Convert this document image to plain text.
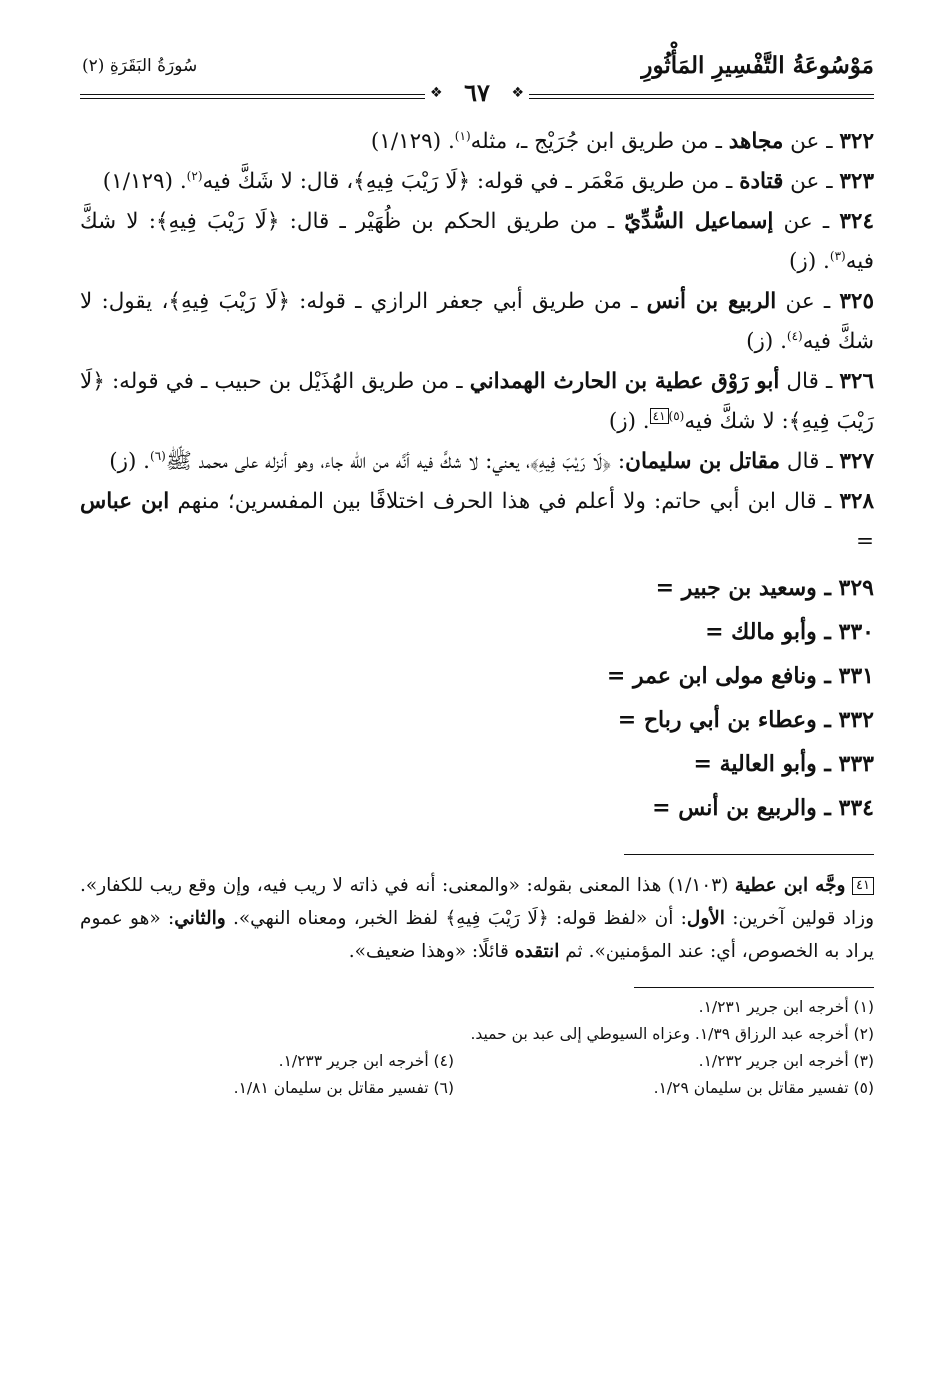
مَوْسُوعَةُ التَّفْسِيرِ المَأْثُورِ
سُورَةُ البَقَرَةِ (٢)
❖
❖ ٦٧

٣٢٢ ـ عن مجاهد ـ من طريق ابن جُرَيْج ـ، مثله$^{(١)}$. (١/١٢٩)

٣٢٣ ـ عن قتادة ـ من طريق مَعْمَر ـ في قوله: ﴿لَا رَيْبَ فِيهِ﴾، قال: لا شَكَّ فيه$^{(٢)}$. (١/١٢٩)

٣٢٤ ـ عن إسماعيل السُّدِّيّ ـ من طريق الحكم بن ظُهَيْر ـ قال: ﴿لَا رَيْبَ فِيهِ﴾: لا شكَّ فيه$^{(٣)}$. (ز)

٣٢٥ ـ عن الربيع بن أنس ـ من طريق أبي جعفر الرازي ـ قوله: ﴿لَا رَيْبَ فِيهِ﴾، يقول: لا شكَّ فيه$^{(٤)}$. (ز)

٣٢٦ ـ قال أبو رَوْق عطية بن الحارث الهمداني ـ من طريق الهُذَيْل بن حبيب ـ في قوله: ﴿لَا رَيْبَ فِيهِ﴾: لا شكَّ فيه$^{(٥)}$٤١. (ز)

٣٢٧ ـ قال مقاتل بن سليمان: ﴿لَا رَيْبَ فِيهِ﴾، يعني: لا شكَّ فيه أنَّه من الله جاء، وهو أنزله على محمد ﷺ$^{(٦)}$. (ز)

٣٢٨ ـ قال ابن أبي حاتم: ولا أعلم في هذا الحرف اختلافًا بين المفسرين؛ منهم ابن عباس =

٣٢٩ ـ وسعيد بن جبير =
٣٣٠ ـ وأبو مالك =
٣٣١ ـ ونافع مولى ابن عمر =
٣٣٢ ـ وعطاء بن أبي رباح =
٣٣٣ ـ وأبو العالية =
٣٣٤ ـ والربيع بن أنس =

٤١ وجَّه ابن عطية (١/١٠٣) هذا المعنى بقوله: «والمعنى: أنه في ذاته لا ريب فيه، وإن وقع ريب للكفار». وزاد قولين آخرين: الأول: أن «لفظ قوله: ﴿لَا رَيْبَ فِيهِ﴾ لفظ الخبر، ومعناه النهي». والثاني: «هو عموم يراد به الخصوص، أي: عند المؤمنين». ثم انتقده قائلًا: «وهذا ضعيف».

(١) أخرجه ابن جرير ١/٢٣١.
(٢) أخرجه عبد الرزاق ١/٣٩. وعزاه السيوطي إلى عبد بن حميد.
(٣) أخرجه ابن جرير ١/٢٣٢.
(٤) أخرجه ابن جرير ١/٢٣٣.
(٥) تفسير مقاتل بن سليمان ١/٢٩.
(٦) تفسير مقاتل بن سليمان ١/٨١.
